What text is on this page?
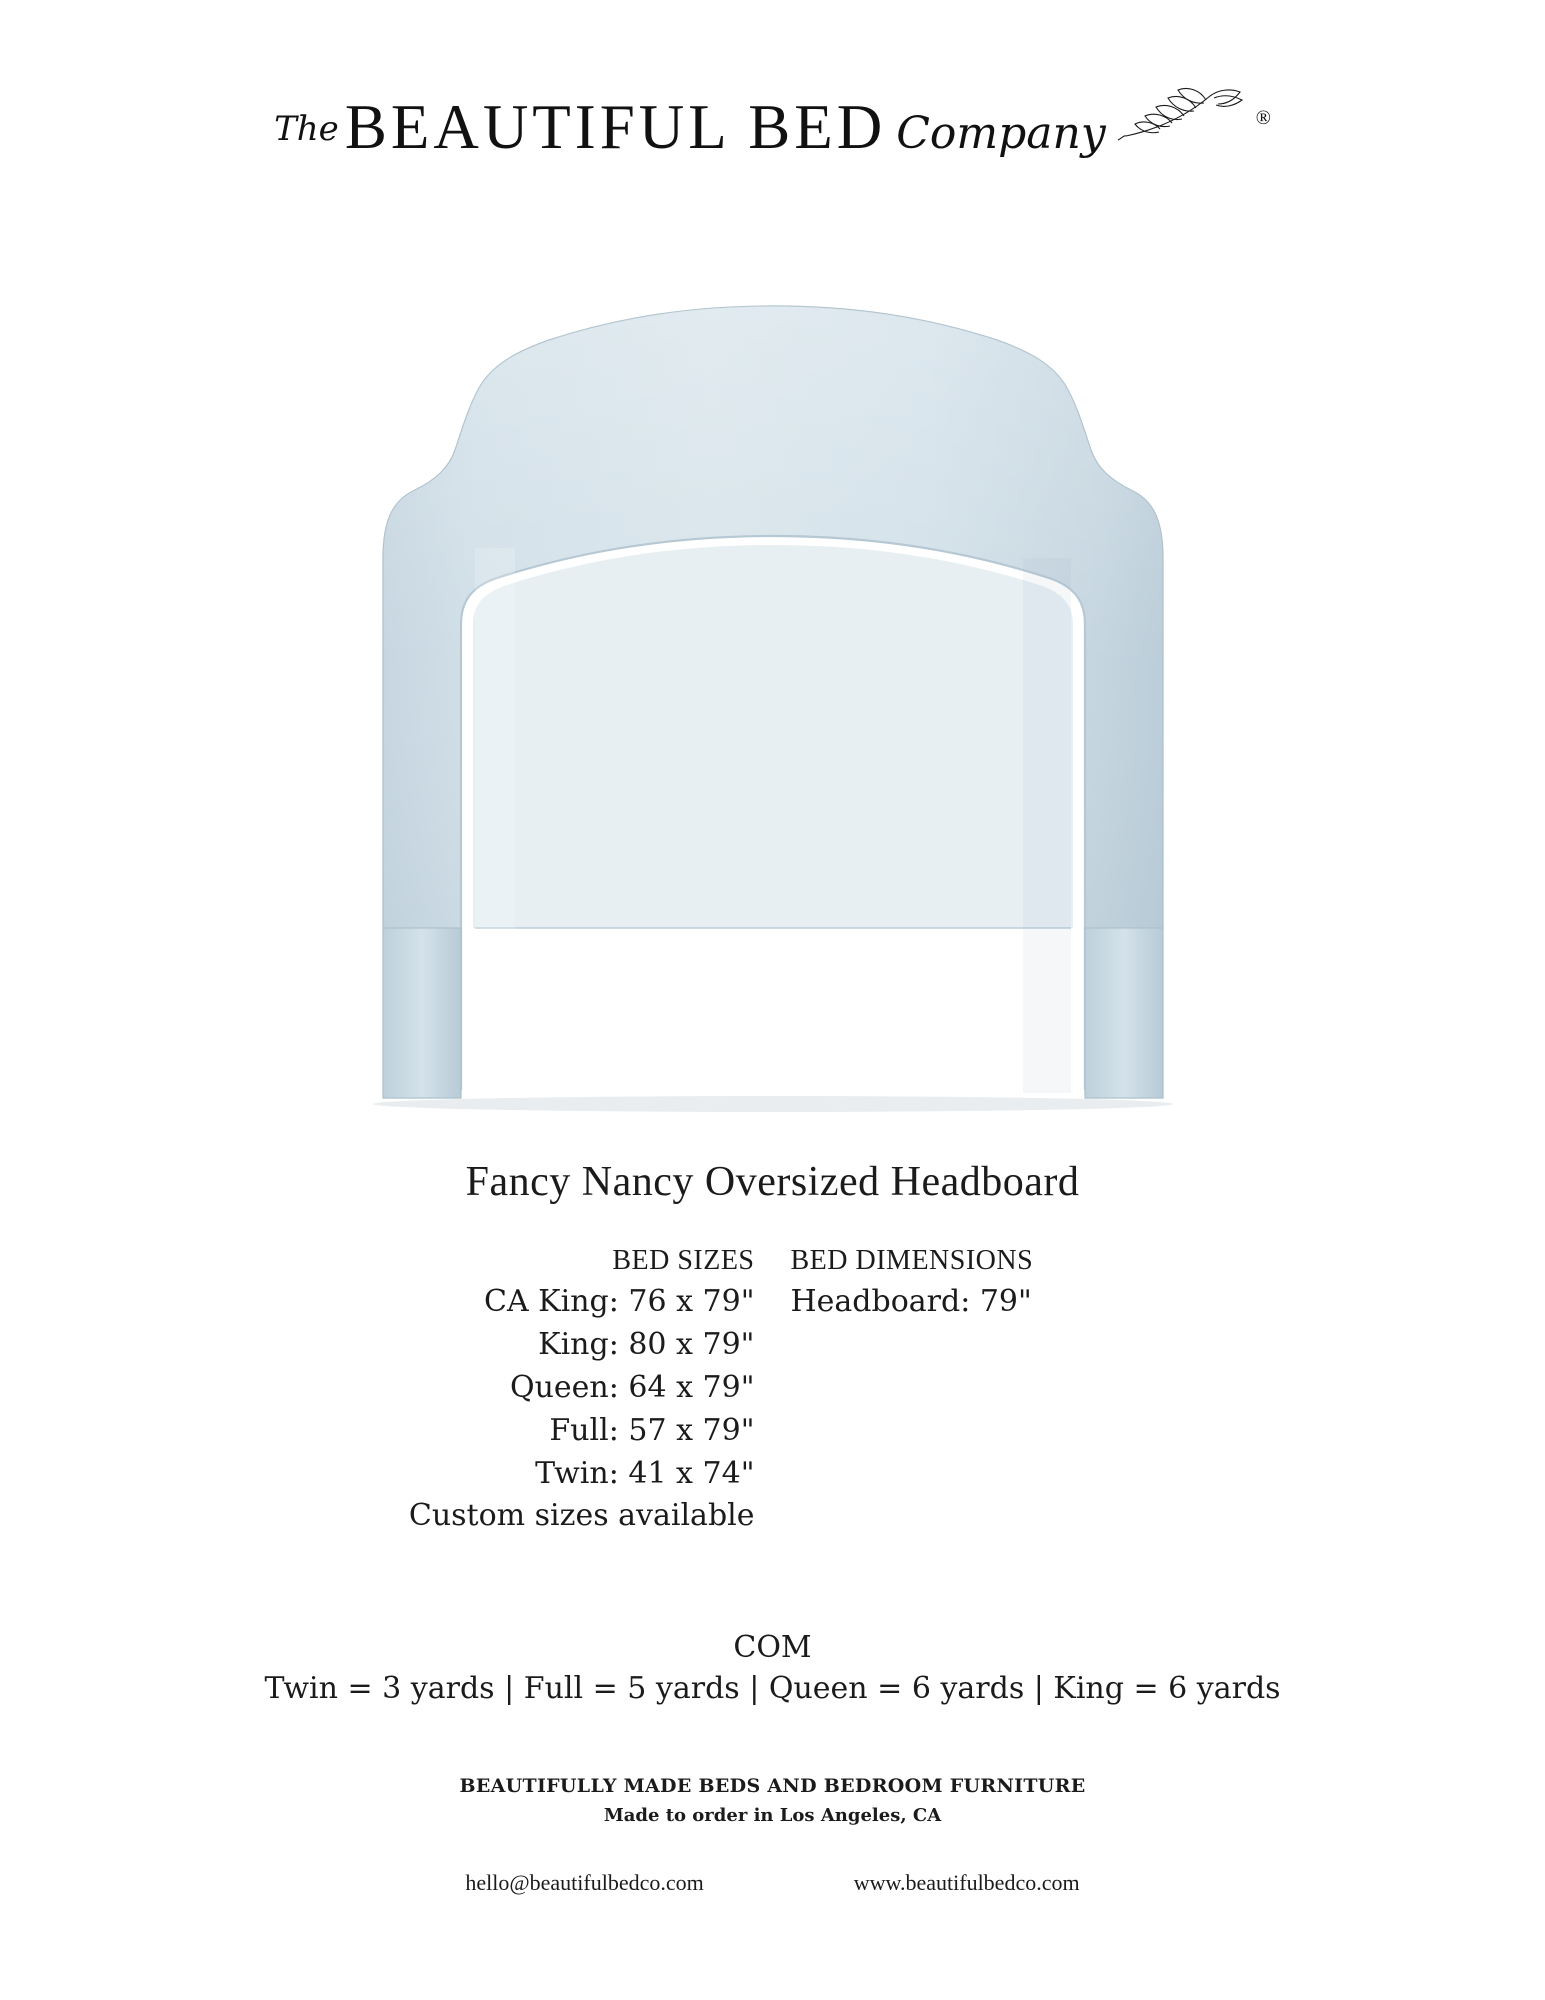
TheBEAUTIFUL BED Company	®
Fancy Nancy Oversized Headboard
BED SIZES
CA King: 76 x 79"
King: 80 x 79"
Queen: 64 x 79"
Full: 57 x 79"
Twin: 41 x 74"
Custom sizes available
BED DIMENSIONS
Headboard: 79"
COM
Twin = 3 yards | Full = 5 yards | Queen = 6 yards | King = 6 yards
BEAUTIFULLY MADE BEDS AND BEDROOM FURNITURE
Made to order in Los Angeles, CA
hello@beautifulbedco.com	www.beautifulbedco.com
